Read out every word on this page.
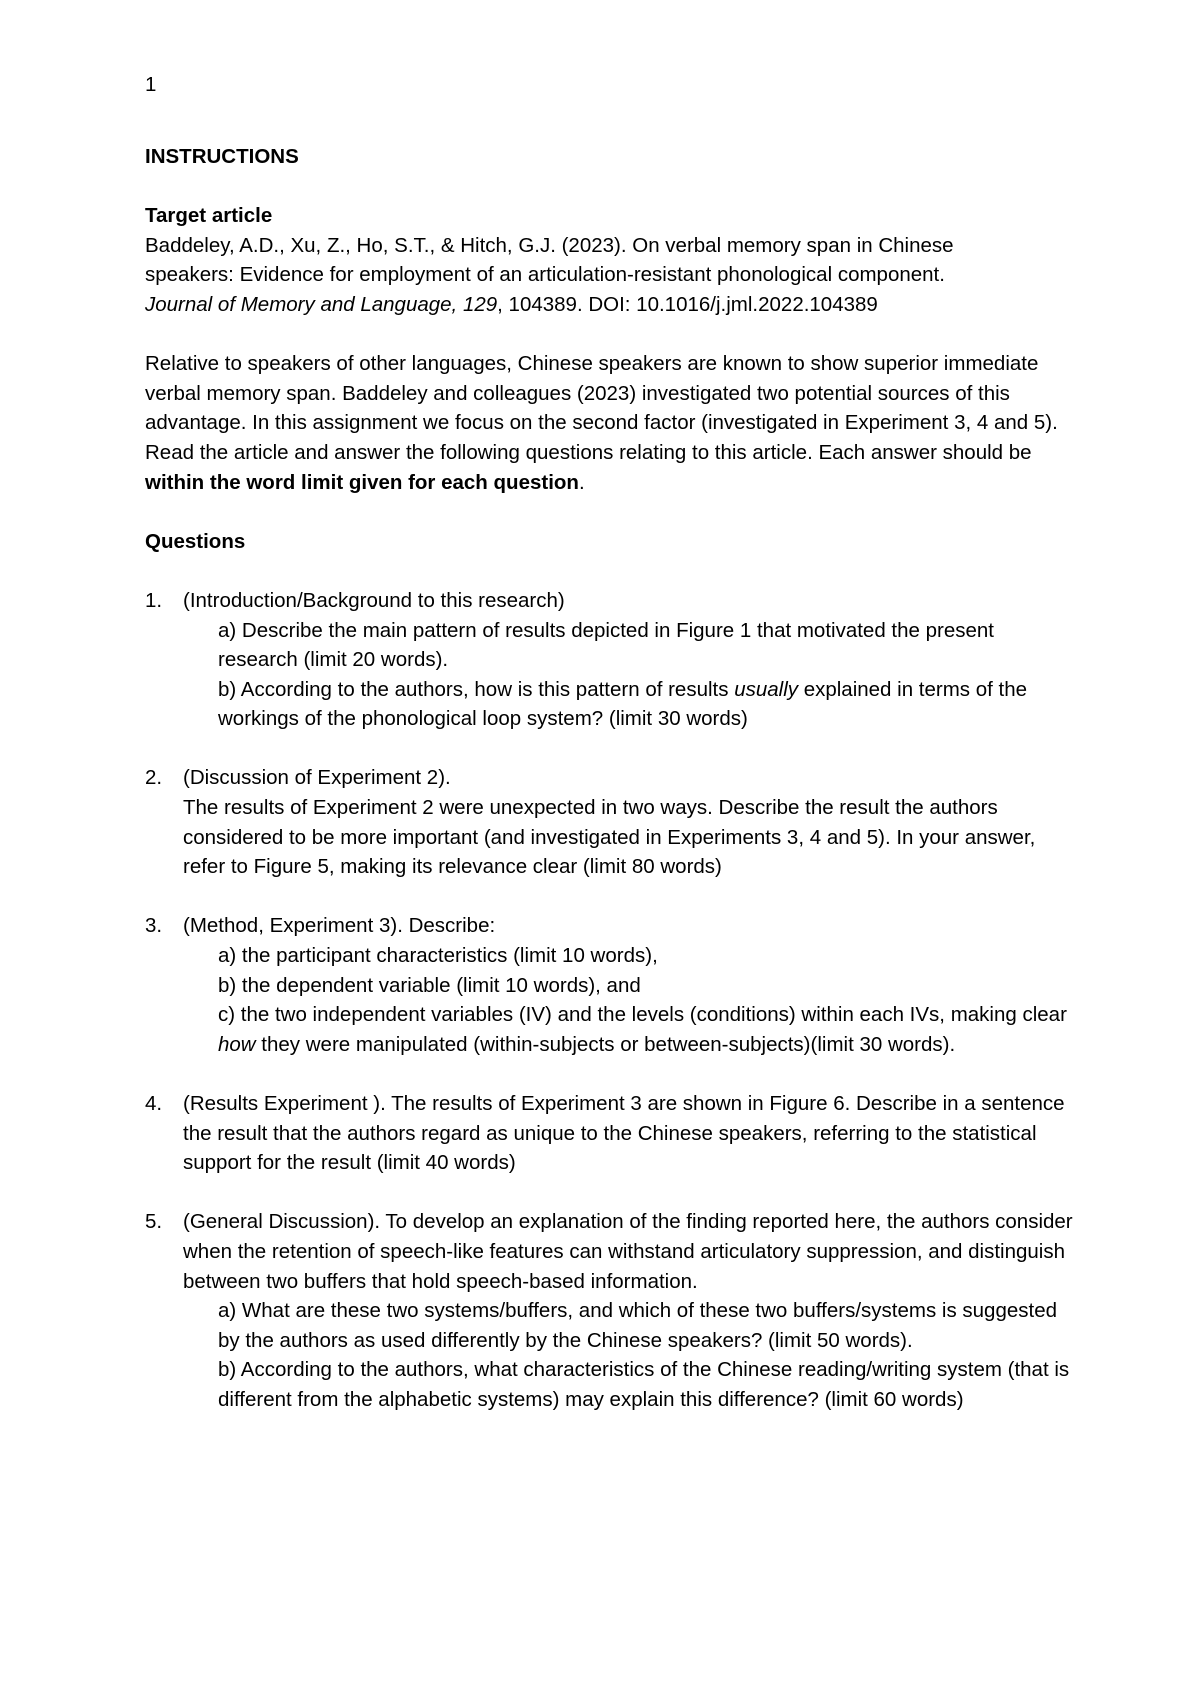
1

INSTRUCTIONS

Target article

Baddeley, A.D., Xu, Z., Ho, S.T., & Hitch, G.J. (2023). On verbal memory span in Chinese

speakers: Evidence for employment of an articulation-resistant phonological component.

Journal of Memory and Language, 129, 104389. DOI: 10.1016/j.jml.2022.104389

Relative to speakers of other languages, Chinese speakers are known to show superior immediate verbal memory span. Baddeley and colleagues (2023) investigated two potential sources of this advantage. In this assignment we focus on the second factor (investigated in Experiment 3, 4 and 5). Read the article and answer the following questions relating to this article. Each answer should be within the word limit given for each question.

Questions

1. (Introduction/Background to this research)

a) Describe the main pattern of results depicted in Figure 1 that motivated the present research (limit 20 words).

b) According to the authors, how is this pattern of results usually explained in terms of the workings of the phonological loop system? (limit 30 words)

2. (Discussion of Experiment 2).

The results of Experiment 2 were unexpected in two ways. Describe the result the authors considered to be more important (and investigated in Experiments 3, 4 and 5). In your answer, refer to Figure 5, making its relevance clear (limit 80 words)

3. (Method, Experiment 3). Describe:

a) the participant characteristics (limit 10 words),

b) the dependent variable (limit 10 words), and

c) the two independent variables (IV) and the levels (conditions) within each IVs, making clear how they were manipulated (within-subjects or between-subjects)(limit 30 words).

4. (Results Experiment ). The results of Experiment 3 are shown in Figure 6. Describe in a sentence the result that the authors regard as unique to the Chinese speakers, referring to the statistical support for the result (limit 40 words)

5. (General Discussion). To develop an explanation of the finding reported here, the authors consider when the retention of speech-like features can withstand articulatory suppression, and distinguish between two buffers that hold speech-based information.

a) What are these two systems/buffers, and which of these two buffers/systems is suggested by the authors as used differently by the Chinese speakers? (limit 50 words).

b) According to the authors, what characteristics of the Chinese reading/writing system (that is different from the alphabetic systems) may explain this difference? (limit 60 words)
